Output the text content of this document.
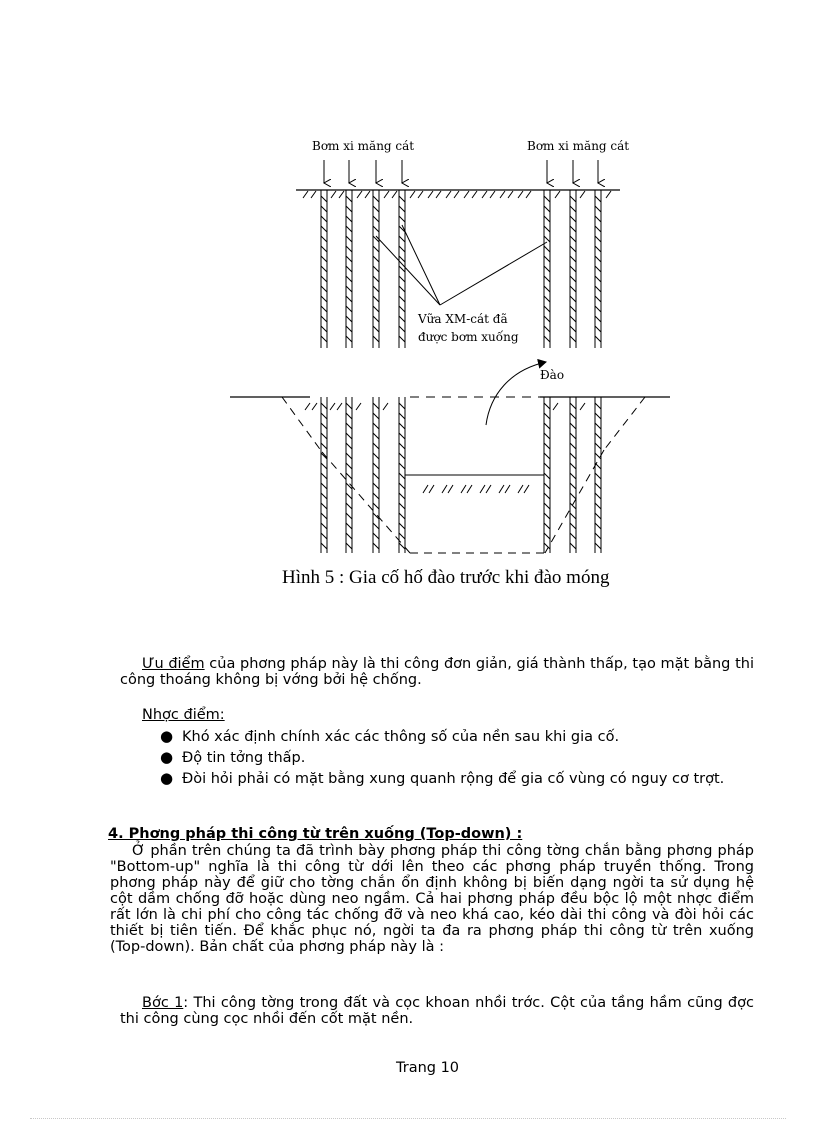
Bơm xi măng cát	Bơm xi măng cát
Vữa XM-cát đã
được bơm xuống
Đào
Hình 5 : Gia cố hố đào trước khi đào móng
Ưu điểm của phơng pháp này là thi công đơn giản, giá thành thấp, tạo mặt bằng thi công thoáng không bị vớng bởi hệ chống.
Nhợc điểm:
● Khó xác định chính xác các thông số của nền sau khi gia cố.
● Độ tin tởng thấp.
● Đòi hỏi phải có mặt bằng xung quanh rộng để gia cố vùng có nguy cơ trợt.
4. Phơng pháp thi công từ trên xuống (Top-down) :
Ở phần trên chúng ta đã trình bày phơng pháp thi công tờng chắn bằng phơng pháp "Bottom-up" nghĩa là thi công từ dới lên theo các phơng pháp truyền thống. Trong phơng pháp này để giữ cho tờng chắn ổn định không bị biến dạng ngời ta sử dụng hệ cột dầm chống đỡ hoặc dùng neo ngầm. Cả hai phơng pháp đều bộc lộ một nhợc điểm rất lớn là chi phí cho công tác chống đỡ và neo khá cao, kéo dài thi công và đòi hỏi các thiết bị tiên tiến. Để khắc phục nó, ngời ta đa ra phơng pháp thi công từ trên xuống (Top-down). Bản chất của phơng pháp này là :
Bớc 1: Thi công tờng trong đất và cọc khoan nhồi trớc. Cột của tầng hầm cũng đợc thi công cùng cọc nhồi đến cốt mặt nền.
Trang 10
